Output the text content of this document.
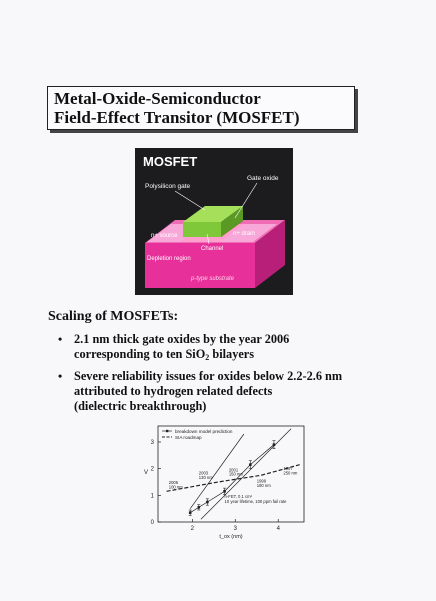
Metal-Oxide-Semiconductor
Field-Effect Transitor (MOSFET)
MOSFET
Polysilicon gate
Gate oxide
n+ source	n+ drain
Channel
Depletion region
p-type substrate
Scaling of MOSFETs:
• 2.1 nm thick gate oxides by the year 2006
corresponding to ten SiO$_2$ bilayers
• Severe reliability issues for oxides below 2.2-2.6 nm
attributed to hydrogen related defects
(dielectric breakthrough)
2	3	4
0
1
2
3
t_ox (nm)
V
breakdown model prediction
SIA roadmap
2006
100 nm
2003
130 nm
2001
150 nm
1999
180 nm
1997
250 nm
n-FET, 0.1 cm²
10 year lifetime, 100 ppm fail rate
